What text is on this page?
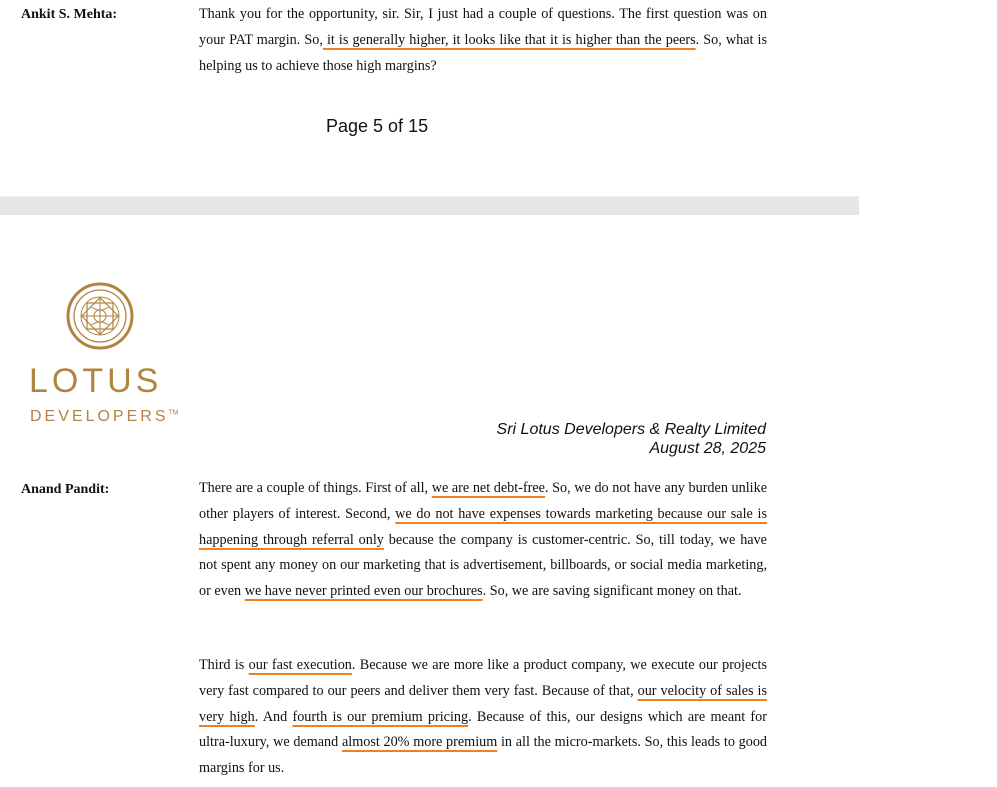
Ankit S. Mehta:	Thank you for the opportunity, sir. Sir, I just had a couple of questions. The first question was on your PAT margin. So, it is generally higher, it looks like that it is higher than the peers. So, what is helping us to achieve those high margins?

Page 5 of 15
LOTUS
DEVELOPERS™
Sri Lotus Developers & Realty Limited
August 28, 2025
Anand Pandit:	There are a couple of things. First of all, we are net debt-free. So, we do not have any burden unlike other players of interest. Second, we do not have expenses towards marketing because our sale is happening through referral only because the company is customer-centric. So, till today, we have not spent any money on our marketing that is advertisement, billboards, or social media marketing, or even we have never printed even our brochures. So, we are saving significant money on that.

Third is our fast execution. Because we are more like a product company, we execute our projects very fast compared to our peers and deliver them very fast. Because of that, our velocity of sales is very high. And fourth is our premium pricing. Because of this, our designs which are meant for ultra-luxury, we demand almost 20% more premium in all the micro-markets. So, this leads to good margins for us.
